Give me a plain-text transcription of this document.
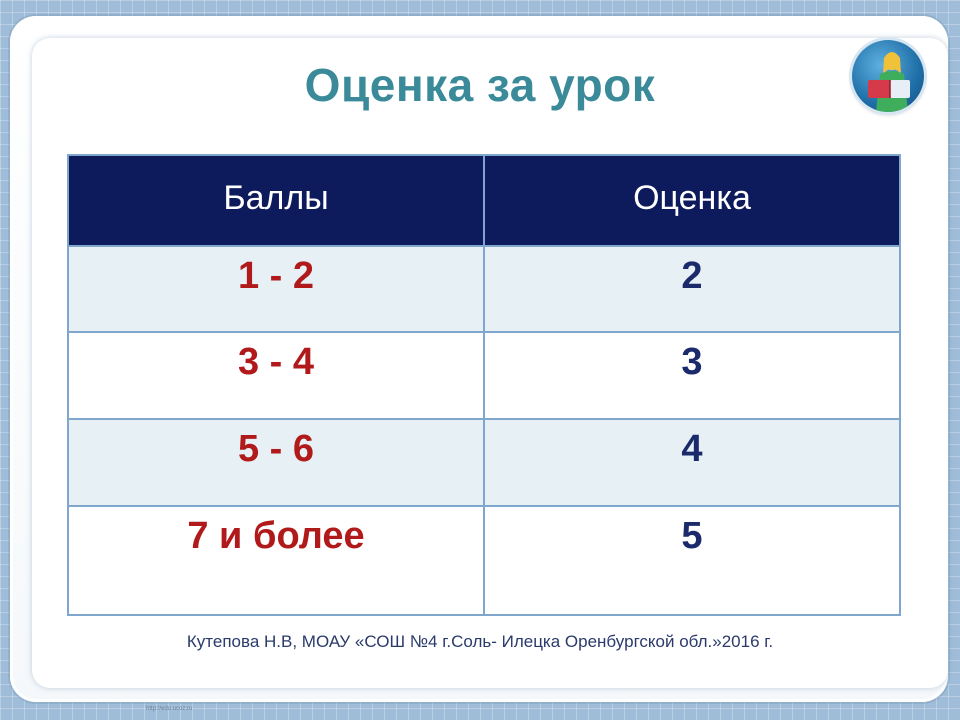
Оценка за урок
Баллы	Оценка
1 - 2	2
3 - 4	3
5 - 6	4
7 и более	5
Кутепова Н.В, МОАУ «СОШ №4 г.Соль- Илецка Оренбургской обл.»2016 г.
http://edu.ucoz.ru
